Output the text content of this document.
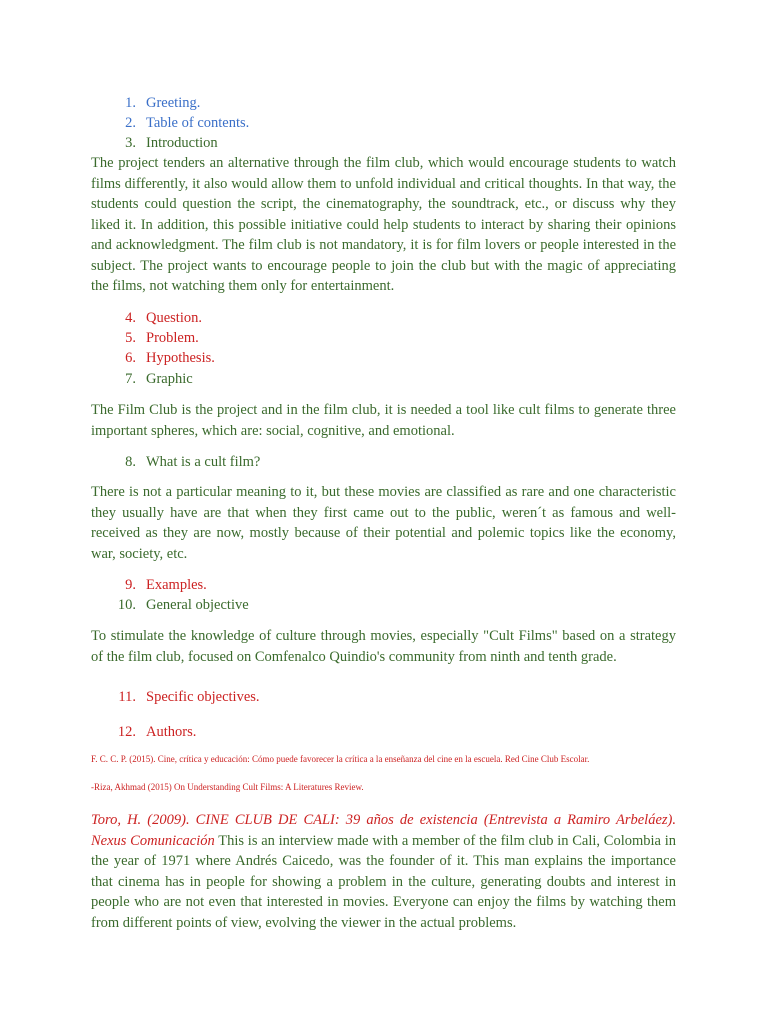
1. Greeting.
2. Table of contents.
3. Introduction

The project tenders an alternative through the film club, which would encourage students to watch films differently, it also would allow them to unfold individual and critical thoughts. In that way, the students could question the script, the cinematography, the soundtrack, etc., or discuss why they liked it. In addition, this possible initiative could help students to interact by sharing their opinions and acknowledgment. The film club is not mandatory, it is for film lovers or people interested in the subject. The project wants to encourage people to join the club but with the magic of appreciating the films, not watching them only for entertainment.

4. Question.
5. Problem.
6. Hypothesis.
7. Graphic

The Film Club is the project and in the film club, it is needed a tool like cult films to generate three important spheres, which are: social, cognitive, and emotional.

8. What is a cult film?

There is not a particular meaning to it, but these movies are classified as rare and one characteristic they usually have are that when they first came out to the public, weren´t as famous and well-received as they are now, mostly because of their potential and polemic topics like the economy, war, society, etc.

9. Examples.
10. General objective

To stimulate the knowledge of culture through movies, especially "Cult Films" based on a strategy of the film club, focused on Comfenalco Quindio's community from ninth and tenth grade.

11. Specific objectives.
12. Authors.

F. C. C. P. (2015). Cine, crítica y educación: Cómo puede favorecer la crítica a la enseñanza del cine en la escuela. Red Cine Club Escolar.

-Riza, Akhmad (2015) On Understanding Cult Films: A Literatures Review.

Toro, H. (2009). CINE CLUB DE CALI: 39 años de existencia (Entrevista a Ramiro Arbeláez). Nexus Comunicación This is an interview made with a member of the film club in Cali, Colombia in the year of 1971 where Andrés Caicedo, was the founder of it. This man explains the importance that cinema has in people for showing a problem in the culture, generating doubts and interest in people who are not even that interested in movies. Everyone can enjoy the films by watching them from different points of view, evolving the viewer in the actual problems.
